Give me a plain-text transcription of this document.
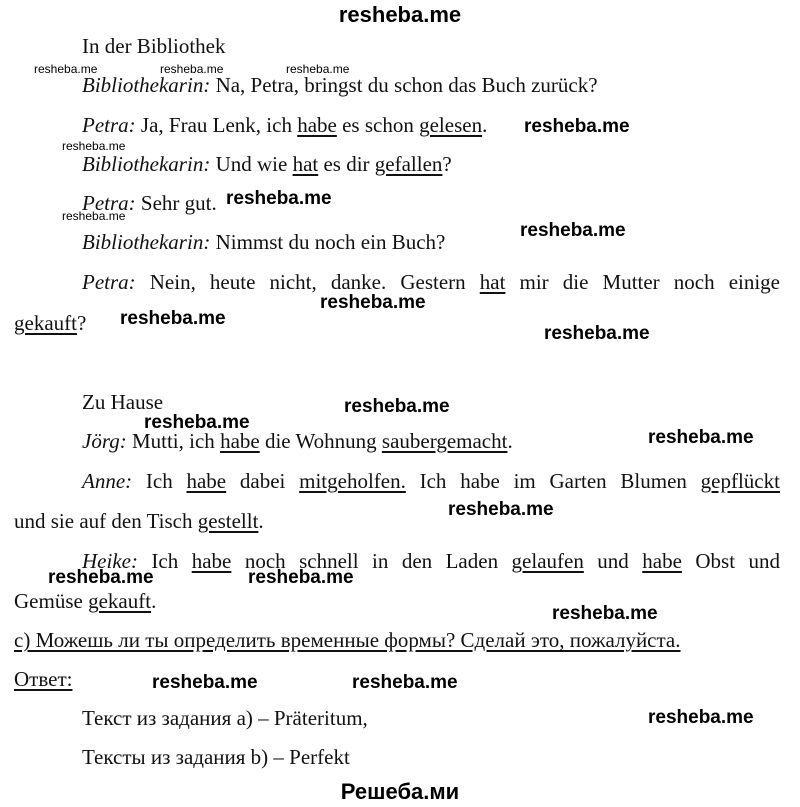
resheba.me
In der Bibliothek
Bibliothekarin: Na, Petra, bringst du schon das Buch zurück?
Petra: Ja, Frau Lenk, ich habe es schon gelesen.
Bibliothekarin: Und wie hat es dir gefallen?
Petra: Sehr gut.
Bibliothekarin: Nimmst du noch ein Buch?
Petra: Nein, heute nicht, danke. Gestern hat mir die Mutter noch einige
gekauft?
Zu Hause
Jörg: Mutti, ich habe die Wohnung saubergemacht.
Anne: Ich habe dabei mitgeholfen. Ich habe im Garten Blumen gepflückt
und sie auf den Tisch gestellt.
Heike: Ich habe noch schnell in den Laden gelaufen und habe Obst und
Gemüse gekauft.
c) Можешь ли ты определить временные формы? Сделай это, пожалуйста.
Ответ:
Текст из задания a) – Präteritum,
Тексты из задания b) – Perfekt
resheba.me	resheba.me	resheba.me
resheba.me
resheba.me
resheba.me
resheba.me
resheba.me
resheba.me
resheba.me
resheba.me
resheba.me
resheba.me
resheba.me
resheba.me
resheba.me	resheba.me
resheba.me
resheba.me	resheba.me
resheba.me
Решеба.ми
